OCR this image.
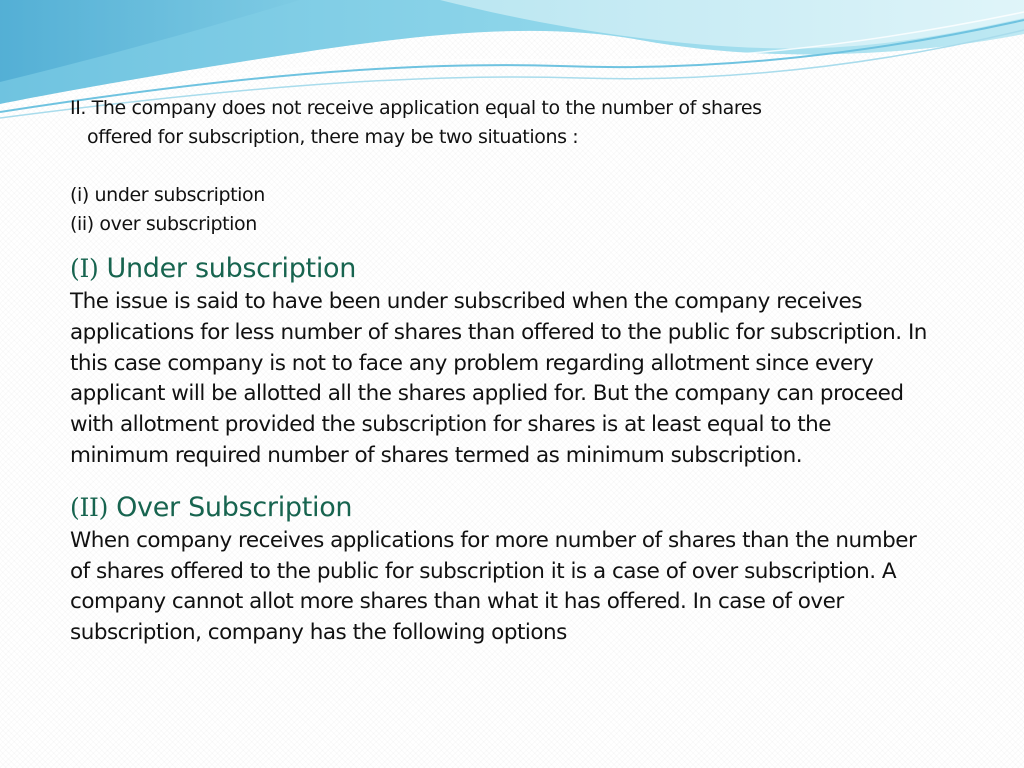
II. The company does not receive application equal to the number of shares

offered for subscription, there may be two situations :

(i) under subscription

(ii) over subscription

(I) Under subscription

The issue is said to have been under subscribed when the company receives applications for less number of shares than offered to the public for subscription. In this case company is not to face any problem regarding allotment since every applicant will be allotted all the shares applied for. But the company can proceed with allotment provided the subscription for shares is at least equal to the minimum required number of shares termed as minimum subscription.

(II) Over Subscription

When company receives applications for more number of shares than the number of shares offered to the public for subscription it is a case of over subscription. A company cannot allot more shares than what it has offered. In case of over subscription, company has the following options
